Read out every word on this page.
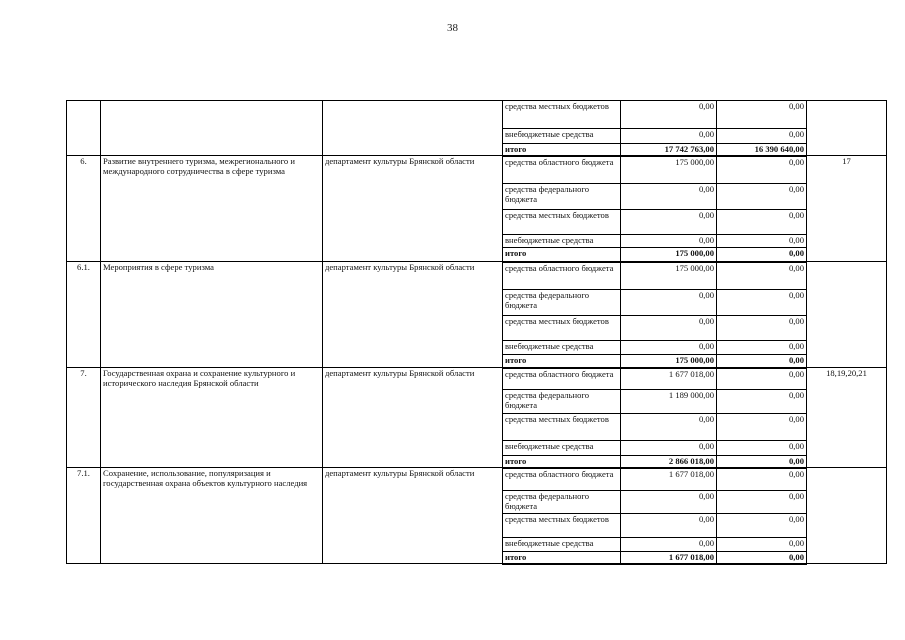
38
			средства местных бюджетов	0,00	0,00	
			внебюджетные средства	0,00	0,00	
			итого	17 742 763,00	16 390 640,00	
6.	Развитие внутреннего туризма, межрегионального и международного сотрудничества в сфере туризма	департамент культуры Брянской области	средства областного бюджета	175 000,00	0,00	17
			средства федерального бюджета	0,00	0,00	
			средства местных бюджетов	0,00	0,00	
			внебюджетные средства	0,00	0,00	
			итого	175 000,00	0,00	
6.1.	Мероприятия в сфере туризма	департамент культуры Брянской области	средства областного бюджета	175 000,00	0,00	
			средства федерального бюджета	0,00	0,00	
			средства местных бюджетов	0,00	0,00	
			внебюджетные средства	0,00	0,00	
			итого	175 000,00	0,00	
7.	Государственная охрана и сохранение культурного и исторического наследия Брянской области	департамент культуры Брянской области	средства областного бюджета	1 677 018,00	0,00	18,19,20,21
			средства федерального бюджета	1 189 000,00	0,00	
			средства местных бюджетов	0,00	0,00	
			внебюджетные средства	0,00	0,00	
			итого	2 866 018,00	0,00	
7.1.	Сохранение, использование, популяризация и государственная охрана объектов культурного наследия	департамент культуры Брянской области	средства областного бюджета	1 677 018,00	0,00	
			средства федерального бюджета	0,00	0,00	
			средства местных бюджетов	0,00	0,00	
			внебюджетные средства	0,00	0,00	
			итого	1 677 018,00	0,00	
